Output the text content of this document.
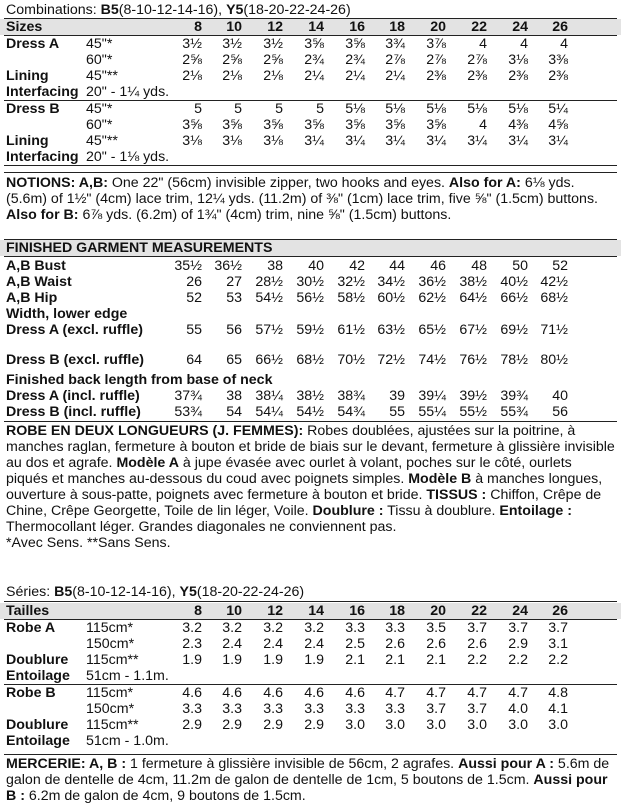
Combinations: B5(8-10-12-14-16), Y5(18-20-22-24-26)
Sizes	8	10	12	14	16	18	20	22	24	26
Dress A 45"*	3½	3½	3½	3⅝	3⅝	3¾	3⅞	4	4	4
60"*	2⅝	2⅝	2⅝	2¾	2¾	2⅞	2⅞	2⅞	3⅛	3⅜
Lining	45"**	2⅛	2⅛	2⅛	2¼	2¼	2¼	2⅜	2⅜	2⅜	2⅜
Interfacing 20" - 1¼ yds.
Dress B 45"*	5	5	5	5	5⅛	5⅛	5⅛	5⅛	5⅛	5¼
60"*	3⅝	3⅝	3⅝	3⅝	3⅝	3⅝	3⅝	4	4⅜	4⅝
Lining	45"**	3⅛	3⅛	3⅛	3¼	3¼	3¼	3¼	3¼	3¼	3¼
Interfacing 20" - 1⅛ yds.
NOTIONS: A,B: One 22" (56cm) invisible zipper, two hooks and eyes. Also for A: 6⅛ yds. (5.6m) of 1½" (4cm) lace trim, 12¼ yds. (11.2m) of ⅜" (1cm) lace trim, five ⅝" (1.5cm) buttons. Also for B: 6⅞ yds. (6.2m) of 1¾" (4cm) trim, nine ⅝" (1.5cm) buttons.
FINISHED GARMENT MEASUREMENTS
A,B Bust	35½ 36½	38	40	42	44	46	48	50	52
A,B Waist	26	27 28½ 30½ 32½ 34½ 36½ 38½ 40½ 42½
A,B Hip	52	53 54½ 56½ 58½ 60½ 62½ 64½ 66½ 68½
Width, lower edge
Dress A (excl. ruffle)	55	56 57½ 59½ 61½ 63½ 65½ 67½ 69½ 71½
Dress B (excl. ruffle)	64	65 66½ 68½ 70½ 72½ 74½ 76½ 78½ 80½
Finished back length from base of neck
Dress A (incl. ruffle)	37¾	38 38¼ 38½ 38¾	39 39¼ 39½ 39¾	40
Dress B (incl. ruffle)	53¾	54 54¼ 54½ 54¾	55 55¼ 55½ 55¾	56
ROBE EN DEUX LONGUEURS (J. FEMMES): Robes doublées, ajustées sur la poitrine, à manches raglan, fermeture à bouton et bride de biais sur le devant, fermeture à glissière invisible au dos et agrafe. Modèle A à jupe évasée avec ourlet à volant, poches sur le côté, ourlets piqués et manches au-dessous du coud avec poignets simples. Modèle B à manches longues, ouverture à sous-patte, poignets avec fermeture à bouton et bride. TISSUS : Chiffon, Crêpe de Chine, Crêpe Georgette, Toile de lin léger, Voile. Doublure : Tissu à doublure. Entoilage : Thermocollant léger. Grandes diagonales ne conviennent pas.
*Avec Sens. **Sans Sens.
Séries: B5(8-10-12-14-16), Y5(18-20-22-24-26)
Tailles	8	10	12	14	16	18	20	22	24	26
Robe A 115cm*	3.2	3.2	3.2	3.2	3.3	3.3	3.5	3.7	3.7	3.7
150cm*	2.3	2.4	2.4	2.4	2.5	2.6	2.6	2.6	2.9	3.1
Doublure 115cm**	1.9	1.9	1.9	1.9	2.1	2.1	2.1	2.2	2.2	2.2
Entoilage 51cm - 1.1m.
Robe B 115cm*	4.6	4.6	4.6	4.6	4.6	4.7	4.7	4.7	4.7	4.8
150cm*	3.3	3.3	3.3	3.3	3.3	3.3	3.7	3.7	4.0	4.1
Doublure 115cm**	2.9	2.9	2.9	2.9	3.0	3.0	3.0	3.0	3.0	3.0
Entoilage 51cm - 1.0m.
MERCERIE: A, B : 1 fermeture à glissière invisible de 56cm, 2 agrafes. Aussi pour A : 5.6m de galon de dentelle de 4cm, 11.2m de galon de dentelle de 1cm, 5 boutons de 1.5cm. Aussi pour B : 6.2m de galon de 4cm, 9 boutons de 1.5cm.
